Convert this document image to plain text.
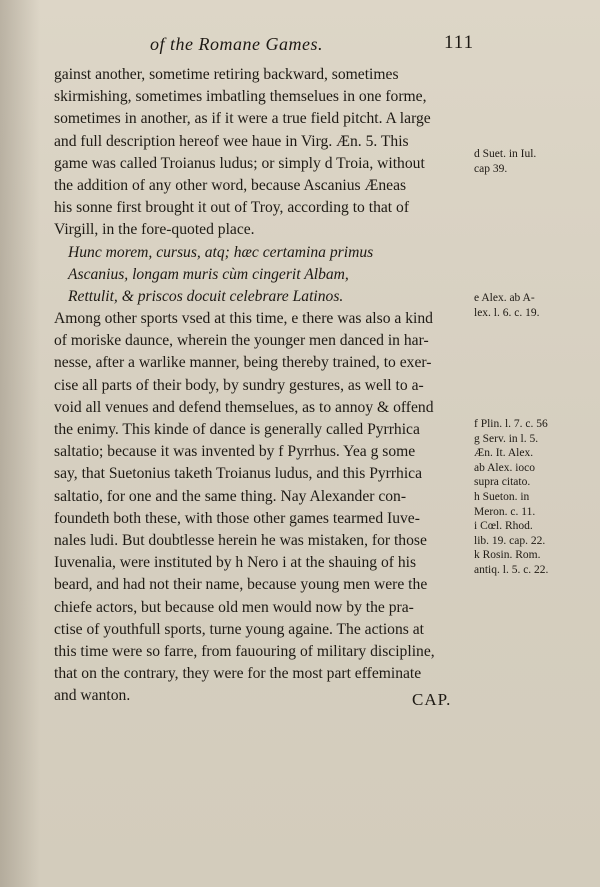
of the Romane Games.	111
gainst another, sometime retiring backward, sometimes
skirmishing, sometimes imbatling themselues in one forme,
sometimes in another, as if it were a true field pitcht. A large
and full description hereof wee haue in Virg. Æn. 5. This
game was called Troianus ludus; or simply d Troia, without
the addition of any other word, because Ascanius Æneas
his sonne first brought it out of Troy, according to that of
Virgill, in the fore-quoted place.
Hunc morem, cursus, atq; hæc certamina primus
Ascanius, longam muris cùm cingerit Albam,
Rettulit, & priscos docuit celebrare Latinos.
Among other sports vsed at this time, e there was also a kind
of moriske daunce, wherein the younger men danced in har-
nesse, after a warlike manner, being thereby trained, to exer-
cise all parts of their body, by sundry gestures, as well to a-
void all venues and defend themselues, as to annoy & offend
the enimy. This kinde of dance is generally called Pyrrhica
saltatio; because it was invented by f Pyrrhus. Yea g some
say, that Suetonius taketh Troianus ludus, and this Pyrrhica
saltatio, for one and the same thing. Nay Alexander con-
foundeth both these, with those other games tearmed Iuve-
nales ludi. But doubtlesse herein he was mistaken, for those
Iuvenalia, were instituted by h Nero i at the shauing of his
beard, and had not their name, because young men were the
chiefe actors, but because old men would now by the pra-
ctise of youthfull sports, turne young againe. The actions at
this time were so farre, from fauouring of military discipline,
that on the contrary, they were for the most part effeminate
and wanton.
d Suet. in Iul.
cap 39.
e Alex. ab A-
lex. l. 6. c. 19.
f Plin. l. 7. c. 56
g Serv. in l. 5.
Æn. It. Alex.
ab Alex. ioco
supra citato.
h Sueton. in
Meron. c. 11.
i Cœl. Rhod.
lib. 19. cap. 22.
k Rosin. Rom.
antiq. l. 5. c. 22.
CAP.
